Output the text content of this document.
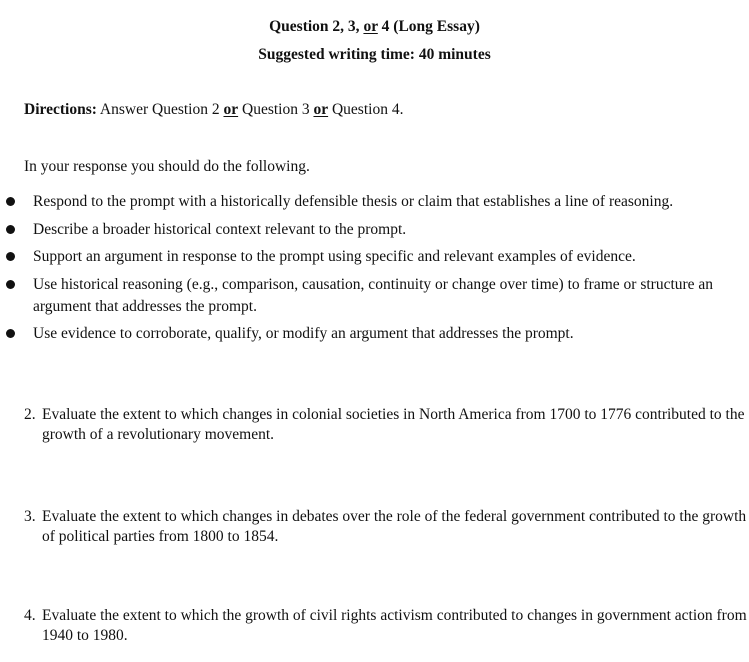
Question 2, 3, or 4 (Long Essay)
Suggested writing time: 40 minutes
Directions: Answer Question 2 or Question 3 or Question 4.
In your response you should do the following.
Respond to the prompt with a historically defensible thesis or claim that establishes a line of reasoning.
Describe a broader historical context relevant to the prompt.
Support an argument in response to the prompt using specific and relevant examples of evidence.
Use historical reasoning (e.g., comparison, causation, continuity or change over time) to frame or structure an argument that addresses the prompt.
Use evidence to corroborate, qualify, or modify an argument that addresses the prompt.
2. Evaluate the extent to which changes in colonial societies in North America from 1700 to 1776 contributed to the growth of a revolutionary movement.
3. Evaluate the extent to which changes in debates over the role of the federal government contributed to the growth of political parties from 1800 to 1854.
4. Evaluate the extent to which the growth of civil rights activism contributed to changes in government action from 1940 to 1980.
